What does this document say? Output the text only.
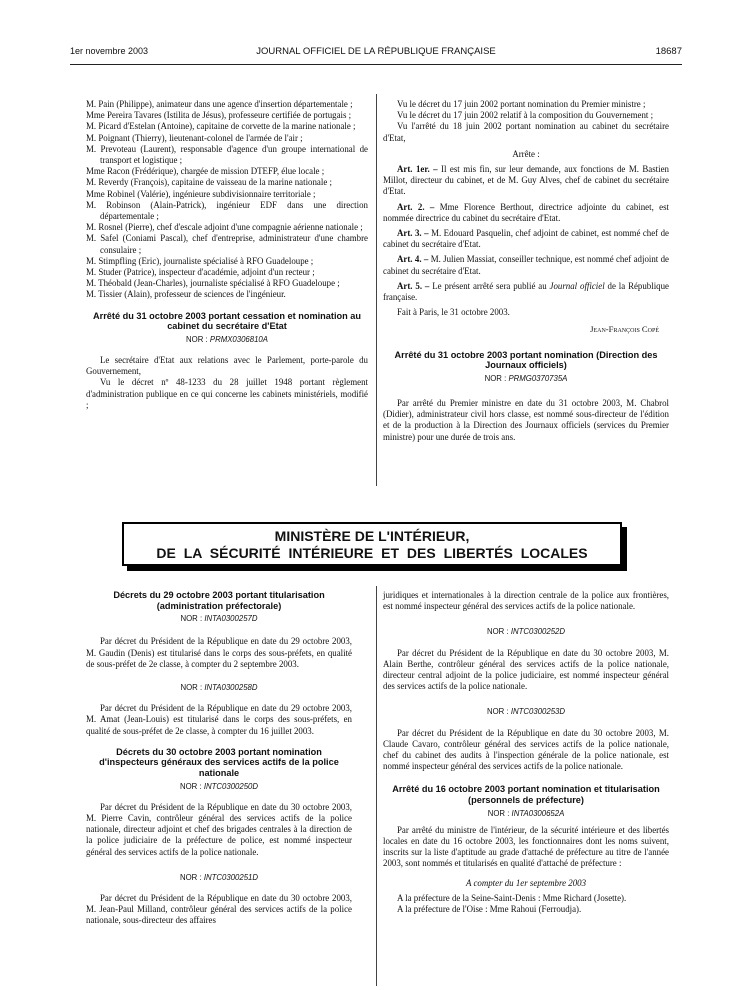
1er novembre 2003	JOURNAL OFFICIEL DE LA RÉPUBLIQUE FRANÇAISE	18687

M. Pain (Philippe), animateur dans une agence d'insertion départementale ;

Mme Pereira Tavares (Istilita de Jésus), professeure certifiée de portugais ;

M. Picard d'Estelan (Antoine), capitaine de corvette de la marine nationale ;

M. Poignant (Thierry), lieutenant-colonel de l'armée de l'air ;

M. Prevoteau (Laurent), responsable d'agence d'un groupe international de transport et logistique ;

Mme Racon (Frédérique), chargée de mission DTEFP, élue locale ;

M. Reverdy (François), capitaine de vaisseau de la marine nationale ;

Mme Robinel (Valérie), ingénieure subdivisionnaire territoriale ;

M. Robinson (Alain-Patrick), ingénieur EDF dans une direction départementale ;

M. Rosnel (Pierre), chef d'escale adjoint d'une compagnie aérienne nationale ;

M. Safel (Coniami Pascal), chef d'entreprise, administrateur d'une chambre consulaire ;

M. Stimpfling (Eric), journaliste spécialisé à RFO Guadeloupe ;

M. Studer (Patrice), inspecteur d'académie, adjoint d'un recteur ;

M. Théobald (Jean-Charles), journaliste spécialisé à RFO Guadeloupe ;

M. Tissier (Alain), professeur de sciences de l'ingénieur.

Arrêté du 31 octobre 2003 portant cessation et nomination au cabinet du secrétaire d'Etat

NOR : PRMX0306810A

Le secrétaire d'Etat aux relations avec le Parlement, porte-parole du Gouvernement,

Vu le décret nº 48-1233 du 28 juillet 1948 portant règlement d'administration publique en ce qui concerne les cabinets ministériels, modifié ;

Vu le décret du 17 juin 2002 portant nomination du Premier ministre ;

Vu le décret du 17 juin 2002 relatif à la composition du Gouvernement ;

Vu l'arrêté du 18 juin 2002 portant nomination au cabinet du secrétaire d'Etat,

Arrête :

Art. 1er. – Il est mis fin, sur leur demande, aux fonctions de M. Bastien Millot, directeur du cabinet, et de M. Guy Alves, chef de cabinet du secrétaire d'Etat.

Art. 2. – Mme Florence Berthout, directrice adjointe du cabinet, est nommée directrice du cabinet du secrétaire d'Etat.

Art. 3. – M. Edouard Pasquelin, chef adjoint de cabinet, est nommé chef de cabinet du secrétaire d'Etat.

Art. 4. – M. Julien Massiat, conseiller technique, est nommé chef adjoint de cabinet du secrétaire d'Etat.

Art. 5. – Le présent arrêté sera publié au Journal officiel de la République française.

Fait à Paris, le 31 octobre 2003.

Jean-François Copé

Arrêté du 31 octobre 2003 portant nomination (Direction des Journaux officiels)

NOR : PRMG0370735A

Par arrêté du Premier ministre en date du 31 octobre 2003, M. Chabrol (Didier), administrateur civil hors classe, est nommé sous-directeur de l'édition et de la production à la Direction des Journaux officiels (services du Premier ministre) pour une durée de trois ans.

MINISTÈRE DE L'INTÉRIEUR,
DE LA SÉCURITÉ INTÉRIEURE ET DES LIBERTÉS LOCALES

Décrets du 29 octobre 2003 portant titularisation (administration préfectorale)

NOR : INTA0300257D

Par décret du Président de la République en date du 29 octobre 2003, M. Gaudin (Denis) est titularisé dans le corps des sous-préfets, en qualité de sous-préfet de 2e classe, à compter du 2 septembre 2003.

NOR : INTA0300258D

Par décret du Président de la République en date du 29 octobre 2003, M. Amat (Jean-Louis) est titularisé dans le corps des sous-préfets, en qualité de sous-préfet de 2e classe, à compter du 16 juillet 2003.

Décrets du 30 octobre 2003 portant nomination d'inspecteurs généraux des services actifs de la police nationale

NOR : INTC0300250D

Par décret du Président de la République en date du 30 octobre 2003, M. Pierre Cavin, contrôleur général des services actifs de la police nationale, directeur adjoint et chef des brigades centrales à la direction de la police judiciaire de la préfecture de police, est nommé inspecteur général des services actifs de la police nationale.

NOR : INTC0300251D

Par décret du Président de la République en date du 30 octobre 2003, M. Jean-Paul Milland, contrôleur général des services actifs de la police nationale, sous-directeur des affaires

juridiques et internationales à la direction centrale de la police aux frontières, est nommé inspecteur général des services actifs de la police nationale.

NOR : INTC0300252D

Par décret du Président de la République en date du 30 octobre 2003, M. Alain Berthe, contrôleur général des services actifs de la police nationale, directeur central adjoint de la police judiciaire, est nommé inspecteur général des services actifs de la police nationale.

NOR : INTC0300253D

Par décret du Président de la République en date du 30 octobre 2003, M. Claude Cavaro, contrôleur général des services actifs de la police nationale, chef du cabinet des audits à l'inspection générale de la police nationale, est nommé inspecteur général des services actifs de la police nationale.

Arrêté du 16 octobre 2003 portant nomination et titularisation (personnels de préfecture)

NOR : INTA0300652A

Par arrêté du ministre de l'intérieur, de la sécurité intérieure et des libertés locales en date du 16 octobre 2003, les fonctionnaires dont les noms suivent, inscrits sur la liste d'aptitude au grade d'attaché de préfecture au titre de l'année 2003, sont nommés et titularisés en qualité d'attaché de préfecture :

A compter du 1er septembre 2003

A la préfecture de la Seine-Saint-Denis : Mme Richard (Josette).

A la préfecture de l'Oise : Mme Rahoui (Ferroudja).
